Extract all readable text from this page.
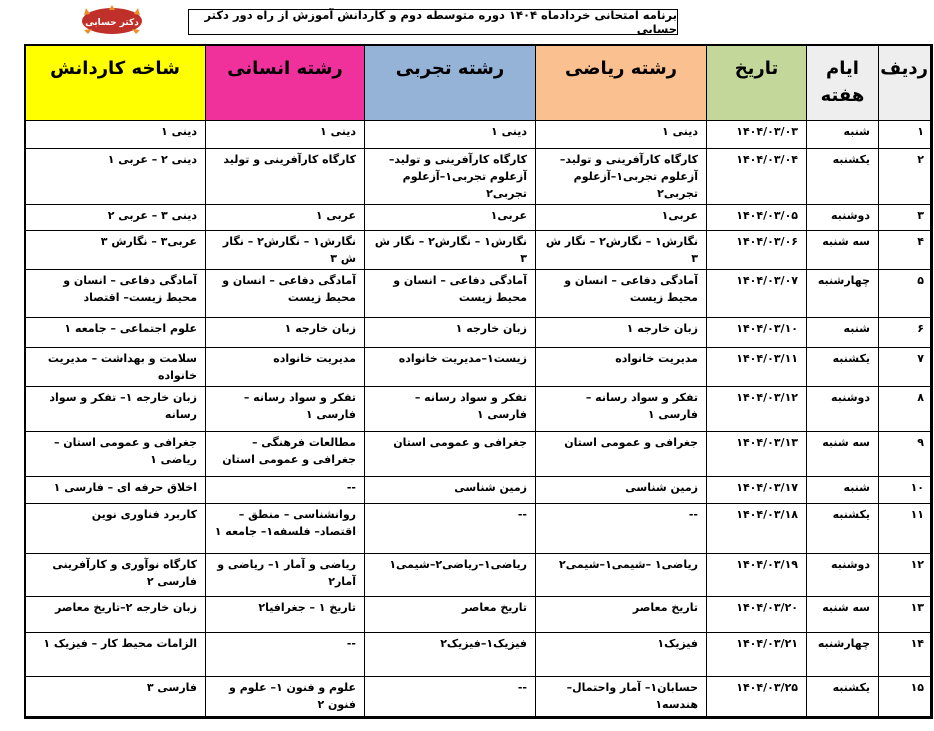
دکتر حسابی
برنامه امتحانی خردادماه ۱۴۰۴ دوره متوسطه دوم و کاردانش آموزش از راه دور دکتر حسابی
ردیف	ایام هفته	تاریخ	رشته ریاضی	رشته تجربی	رشته انسانی	شاخه کاردانش
۱	شنبه	۱۴۰۴/۰۳/۰۳	دینی ۱	دینی ۱	دینی ۱	دینی ۱
۲	یکشنبه	۱۴۰۴/۰۳/۰۴	کارگاه کارآفرینی و تولید– آزعلوم تجربی۱–آزعلوم تجربی۲	کارگاه کارآفرینی و تولید– آزعلوم تجربی۱–آزعلوم تجربی۲	کارگاه کارآفرینی و تولید	دینی ۲ – عربی ۱
۳	دوشنبه	۱۴۰۴/۰۳/۰۵	عربی۱	عربی۱	عربی ۱	دینی ۳ – عربی ۲
۴	سه شنبه	۱۴۰۴/۰۳/۰۶	نگارش۱ – نگارش۲ – نگار ش ۳	نگارش۱ – نگارش۲ – نگار ش ۳	نگارش۱ – نگارش۲ – نگار ش ۳	عربی۳ – نگارش ۳
۵	چهارشنبه	۱۴۰۴/۰۳/۰۷	آمادگی دفاعی – انسان و محیط زیست	آمادگی دفاعی – انسان و محیط زیست	آمادگی دفاعی – انسان و محیط زیست	آمادگی دفاعی – انسان و محیط زیست– اقتصاد
۶	شنبه	۱۴۰۴/۰۳/۱۰	زبان خارجه ۱	زبان خارجه ۱	زبان خارجه ۱	علوم اجتماعی – جامعه ۱
۷	یکشنبه	۱۴۰۴/۰۳/۱۱	مدیریت خانواده	زیست۱–مدیریت خانواده	مدیریت خانواده	سلامت و بهداشت – مدیریت خانواده
۸	دوشنبه	۱۴۰۴/۰۳/۱۲	تفکر و سواد رسانه – فارسی ۱	تفکر و سواد رسانه – فارسی ۱	تفکر و سواد رسانه – فارسی ۱	زبان خارجه ۱– تفکر و سواد رسانه
۹	سه شنبه	۱۴۰۴/۰۳/۱۳	جغرافی و عمومی استان	جغرافی و عمومی استان	مطالعات فرهنگی – جغرافی و عمومی استان	جغرافی و عمومی استان – ریاضی ۱
۱۰	شنبه	۱۴۰۴/۰۳/۱۷	زمین شناسی	زمین شناسی	--	اخلاق حرفه ای – فارسی ۱
۱۱	یکشنبه	۱۴۰۴/۰۳/۱۸	--	--	روانشناسی – منطق – اقتصاد– فلسفه۱– جامعه ۱	کاربرد فناوری نوین
۱۲	دوشنبه	۱۴۰۴/۰۳/۱۹	ریاضی۱ –شیمی۱–شیمی۲	ریاضی۱–ریاضی۲–شیمی۱	ریاضی و آمار ۱– ریاضی و آمار۲	کارگاه نوآوری و کارآفرینی فارسی ۲
۱۳	سه شنبه	۱۴۰۴/۰۳/۲۰	تاریخ معاصر	تاریخ معاصر	تاریخ ۱ – جغرافیا۲	زبان خارجه ۲–تاریخ معاصر
۱۴	چهارشنبه	۱۴۰۴/۰۳/۲۱	فیزیک۱	فیزیک۱–فیزیک۲	--	الزامات محیط کار – فیزیک ۱
۱۵	یکشنبه	۱۴۰۴/۰۳/۲۵	حسابان۱– آمار واحتمال– هندسه۱	--	علوم و فنون ۱– علوم و فنون ۲	فارسی ۳
